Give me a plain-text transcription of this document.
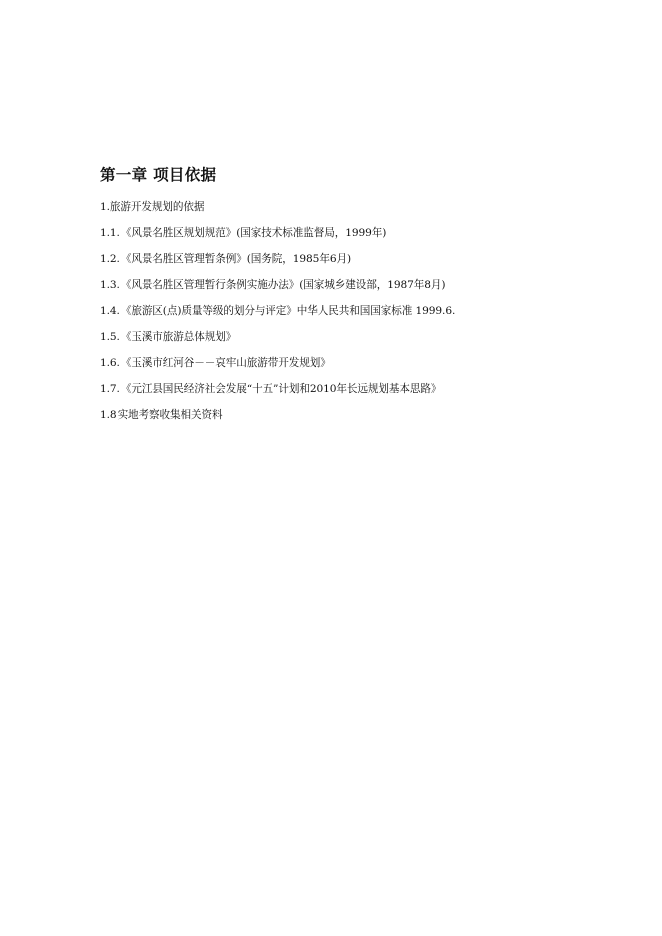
第一章 项目依据
1.旅游开发规划的依据
1.1.《风景名胜区规划规范》(国家技术标准监督局，1999年)
1.2.《风景名胜区管理暂条例》(国务院，1985年6月)
1.3.《风景名胜区管理暂行条例实施办法》(国家城乡建设部，1987年8月)
1.4.《旅游区(点)质量等级的划分与评定》中华人民共和国国家标准 1999.6.
1.5.《玉溪市旅游总体规划》
1.6.《玉溪市红河谷－－哀牢山旅游带开发规划》
1.7.《元江县国民经济社会发展“十五”计划和2010年长远规划基本思路》
1.8实地考察收集相关资料
